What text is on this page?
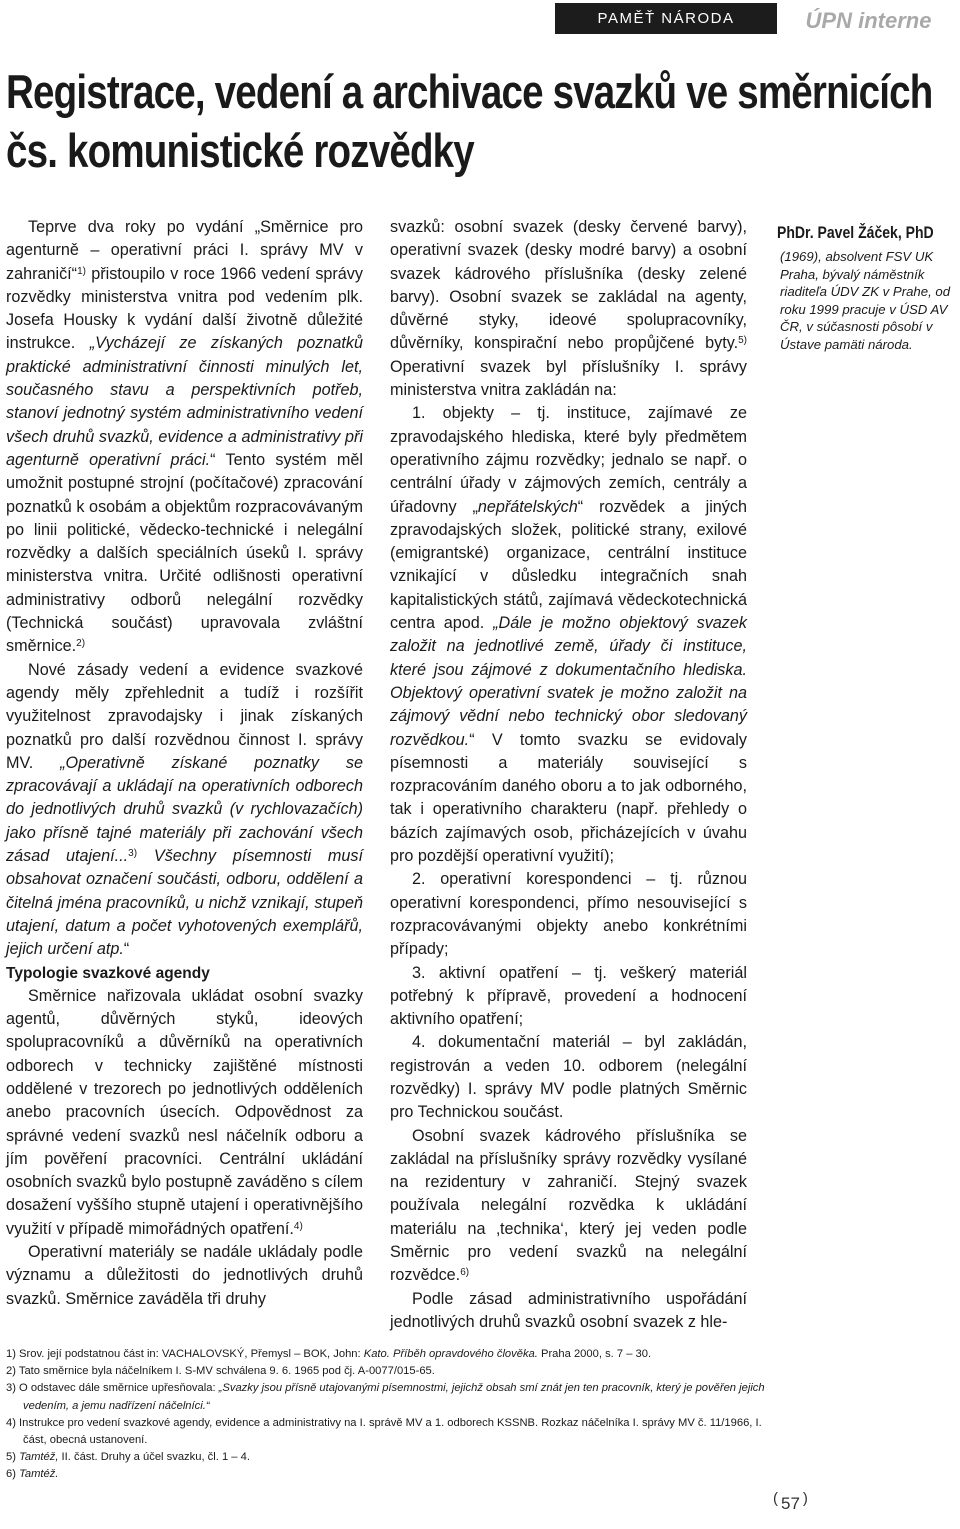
PAMĚŤ NÁRODA	ÚPN interne
Registrace, vedení a archivace svazků ve směrnicích
čs. komunistické rozvědky

Teprve dva roky po vydání „Směrnice pro agenturně – operativní práci I. správy MV v zahraničí“$^{1)}$ přistoupilo v roce 1966 vedení správy rozvědky ministerstva vnitra pod vedením plk. Josefa Housky k vydání další životně důležité instrukce. „Vycházejí ze získaných poznatků praktické administrativní činnosti minulých let, současného stavu a perspektivních potřeb, stanoví jednotný systém administrativního vedení všech druhů svazků, evidence a administrativy při agenturně operativní práci.“ Tento systém měl umožnit postupné strojní (počítačové) zpracování poznatků k osobám a objektům rozpracovávaným po linii politické, vědecko-technické i nelegální rozvědky a dalších speciálních úseků I. správy ministerstva vnitra. Určité odlišnosti operativní administrativy odborů nelegální rozvědky (Technická součást) upravovala zvláštní směrnice.$^{2)}$

Nové zásady vedení a evidence svazkové agendy měly zpřehlednit a tudíž i rozšířit využitelnost zpravodajsky i jinak získaných poznatků pro další rozvědnou činnost I. správy MV. „Operativně získané poznatky se zpracovávají a ukládají na operativních odborech do jednotlivých druhů svazků (v rychlovazačích) jako přísně tajné materiály při zachování všech zásad utajení...$^{3)}$ Všechny písemnosti musí obsahovat označení součásti, odboru, oddělení a čitelná jména pracovníků, u nichž vznikají, stupeň utajení, datum a počet vyhotovených exemplářů, jejich určení atp.“

Typologie svazkové agendy

Směrnice nařizovala ukládat osobní svazky agentů, důvěrných styků, ideových spolupracovníků a důvěrníků na operativních odborech v technicky zajištěné místnosti oddělené v trezorech po jednotlivých odděleních anebo pracovních úsecích. Odpovědnost za správné vedení svazků nesl náčelník odboru a jím pověření pracovníci. Centrální ukládání osobních svazků bylo postupně zaváděno s cílem dosažení vyššího stupně utajení i operativnějšího využití v případě mimořádných opatření.$^{4)}$

Operativní materiály se nadále ukládaly podle významu a důležitosti do jednotlivých druhů svazků. Směrnice zaváděla tři druhy

svazků: osobní svazek (desky červené barvy), operativní svazek (desky modré barvy) a osobní svazek kádrového příslušníka (desky zelené barvy). Osobní svazek se zakládal na agenty, důvěrné styky, ideové spolupracovníky, důvěrníky, konspirační nebo propůjčené byty.$^{5)}$ Operativní svazek byl příslušníky I. správy ministerstva vnitra zakládán na:

1. objekty – tj. instituce, zajímavé ze zpravodajského hlediska, které byly předmětem operativního zájmu rozvědky; jednalo se např. o centrální úřady v zájmových zemích, centrály a úřadovny „nepřátelských“ rozvědek a jiných zpravodajských složek, politické strany, exilové (emigrantské) organizace, centrální instituce vznikající v důsledku integračních snah kapitalistických států, zajímavá vědeckotechnická centra apod. „Dále je možno objektový svazek založit na jednotlivé země, úřady či instituce, které jsou zájmové z dokumentačního hlediska. Objektový operativní svatek je možno založit na zájmový vědní nebo technický obor sledovaný rozvědkou.“ V tomto svazku se evidovaly písemnosti a materiály související s rozpracováním daného oboru a to jak odborného, tak i operativního charakteru (např. přehledy o bázích zajímavých osob, přicházejících v úvahu pro pozdější operativní využití);

2. operativní korespondenci – tj. různou operativní korespondenci, přímo nesouvisející s rozpracovávanými objekty anebo konkrétními případy;

3. aktivní opatření – tj. veškerý materiál potřebný k přípravě, provedení a hodnocení aktivního opatření;

4. dokumentační materiál – byl zakládán, registrován a veden 10. odborem (nelegální rozvědky) I. správy MV podle platných Směrnic pro Technickou součást.

Osobní svazek kádrového příslušníka se zakládal na příslušníky správy rozvědky vysílané na rezidentury v zahraničí. Stejný svazek používala nelegální rozvědka k ukládání materiálu na ‚technika‘, který jej veden podle Směrnic pro vedení svazků na nelegální rozvědce.$^{6)}$

Podle zásad administrativního uspořádání jednotlivých druhů svazků osobní svazek z hle-

PhDr. Pavel Žáček, PhD
(1969), absolvent FSV UK Praha, bývalý náměstník riaditeľa ÚDV ZK v Prahe, od roku 1999 pracuje v ÚSD AV ČR, v súčasnosti pôsobí v Ústave pamäti národa.
1) Srov. její podstatnou část in: VACHALOVSKÝ, Přemysl – BOK, John: Kato. Příběh opravdového člověka. Praha 2000, s. 7 – 30.
2) Tato směrnice byla náčelníkem I. S-MV schválena 9. 6. 1965 pod čj. A-0077/015-65.
3) O odstavec dále směrnice upřesňovala: „Svazky jsou přísně utajovanými písemnostmi, jejichž obsah smí znát jen ten pracovník, který je pověřen jejich vedením, a jemu nadřízení náčelníci.“
4) Instrukce pro vedení svazkové agendy, evidence a administrativy na I. správě MV a 1. odborech KSSNB. Rozkaz náčelníka I. správy MV č. 11/1966, I. část, obecná ustanovení.
5) Tamtéž, II. část. Druhy a účel svazku, čl. 1 – 4.
6) Tamtéž.
( 57 )
